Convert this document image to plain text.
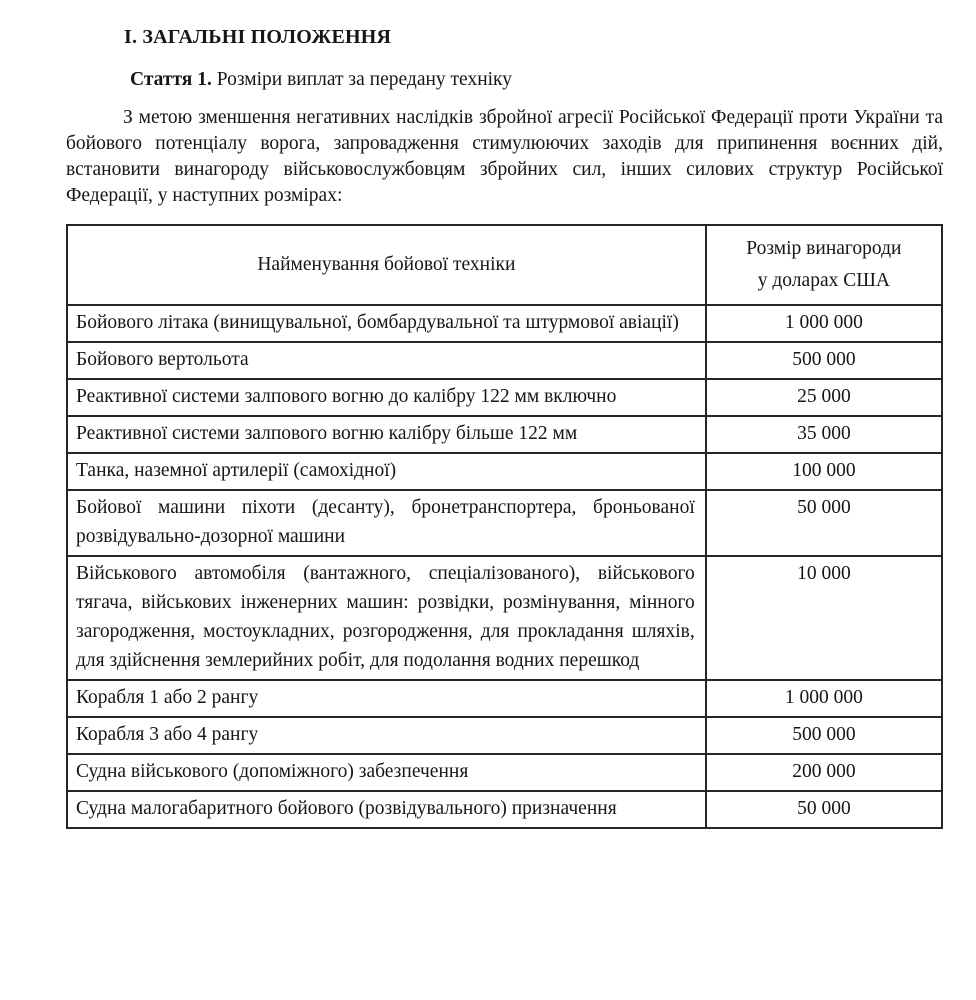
І. ЗАГАЛЬНІ ПОЛОЖЕННЯ
Стаття 1. Розміри виплат за передану техніку

З метою зменшення негативних наслідків збройної агресії Російської Федерації проти України та бойового потенціалу ворога, запровадження стимулюючих заходів для припинення воєнних дій, встановити винагороду військовослужбовцям збройних сил, інших силових структур Російської Федерації, у наступних розмірах:

Найменування бойової техніки	Розмір винагороди
у доларах США

Бойового літака (винищувальної, бомбардувальної та штурмової авіації)	1 000 000
Бойового вертольота	500 000
Реактивної системи залпового вогню до калібру 122 мм включно	25 000
Реактивної системи залпового вогню калібру більше 122 мм	35 000
Танка, наземної артилерії (самохідної)	100 000
Бойової машини піхоти (десанту), бронетранспортера, броньованої розвідувально-дозорної машини	50 000
Військового автомобіля (вантажного, спеціалізованого), військового тягача, військових інженерних машин: розвідки, розмінування, мінного загородження, мостоукладних, розгородження, для прокладання шляхів, для здійснення землерийних робіт, для подолання водних перешкод	10 000
Корабля 1 або 2 рангу	1 000 000
Корабля 3 або 4 рангу	500 000
Судна військового (допоміжного) забезпечення	200 000
Судна малогабаритного бойового (розвідувального) призначення	50 000
